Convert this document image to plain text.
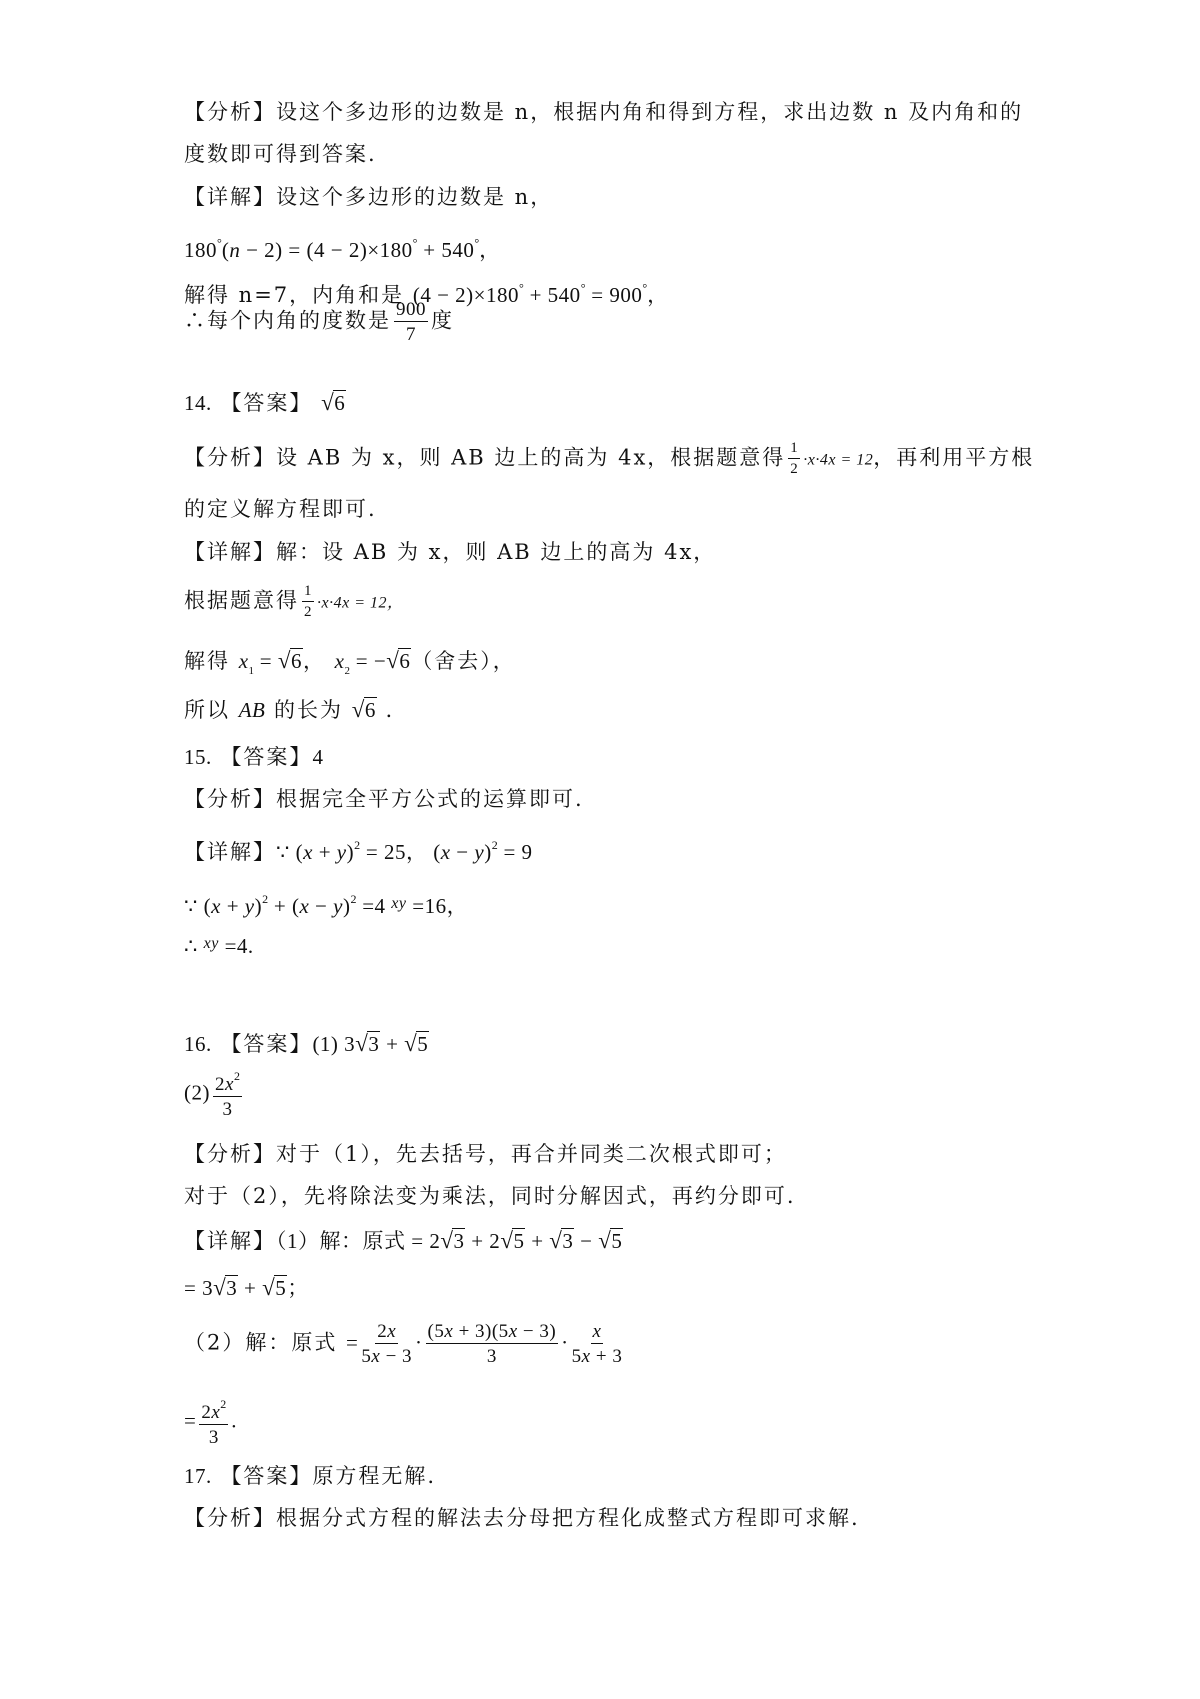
【分析】设这个多边形的边数是 n，根据内角和得到方程，求出边数 n 及内角和的
度数即可得到答案.
【详解】设这个多边形的边数是 n，
180°(n − 2) = (4 − 2)×180° + 540°，
解得 n=7，内角和是 (4 − 2)×180° + 540° = 900°，
∴每个内角的度数是 $\frac{900}{7}$ 度
14. 【答案】 √6
【分析】设 AB 为 x，则 AB 边上的高为 4x，根据题意得 $\frac{1}{2} \cdot x\cdot 4x = 12$，再利用平方根
的定义解方程即可.
【详解】解：设 AB 为 x，则 AB 边上的高为 4x，
根据题意得 $\frac{1}{2} \cdot x\cdot 4x = 12$，
解得 $x_1 = √6$， $x_2 = -√6$（舍去），
所以 AB 的长为 √6 .
15. 【答案】4
【分析】根据完全平方公式的运算即可.
【详解】∵ $(x + y)^2 = 25$， $(x - y)^2 = 9$
∵ $(x + y)^2 + (x - y)^2 =4$ $^{xy}$ =16，
∴ $^{xy}$ =4.
16. 【答案】(1) 3√3 + √5
$(2) \frac{2x^2}{3}$
【分析】对于（1），先去括号，再合并同类二次根式即可；
对于（2），先将除法变为乘法，同时分解因式，再约分即可.
【详解】（1）解：原式 = 2√3 + 2√5 + √3 − √5
= 3√3 + √5；
（2）解：原式 = $\frac{2x}{5x - 3} \cdot \frac{(5x + 3)(5x - 3)}{3} \cdot \frac{x}{5x + 3}$
= $\frac{2x^2}{3}$ .
17. 【答案】原方程无解.
【分析】根据分式方程的解法去分母把方程化成整式方程即可求解.
